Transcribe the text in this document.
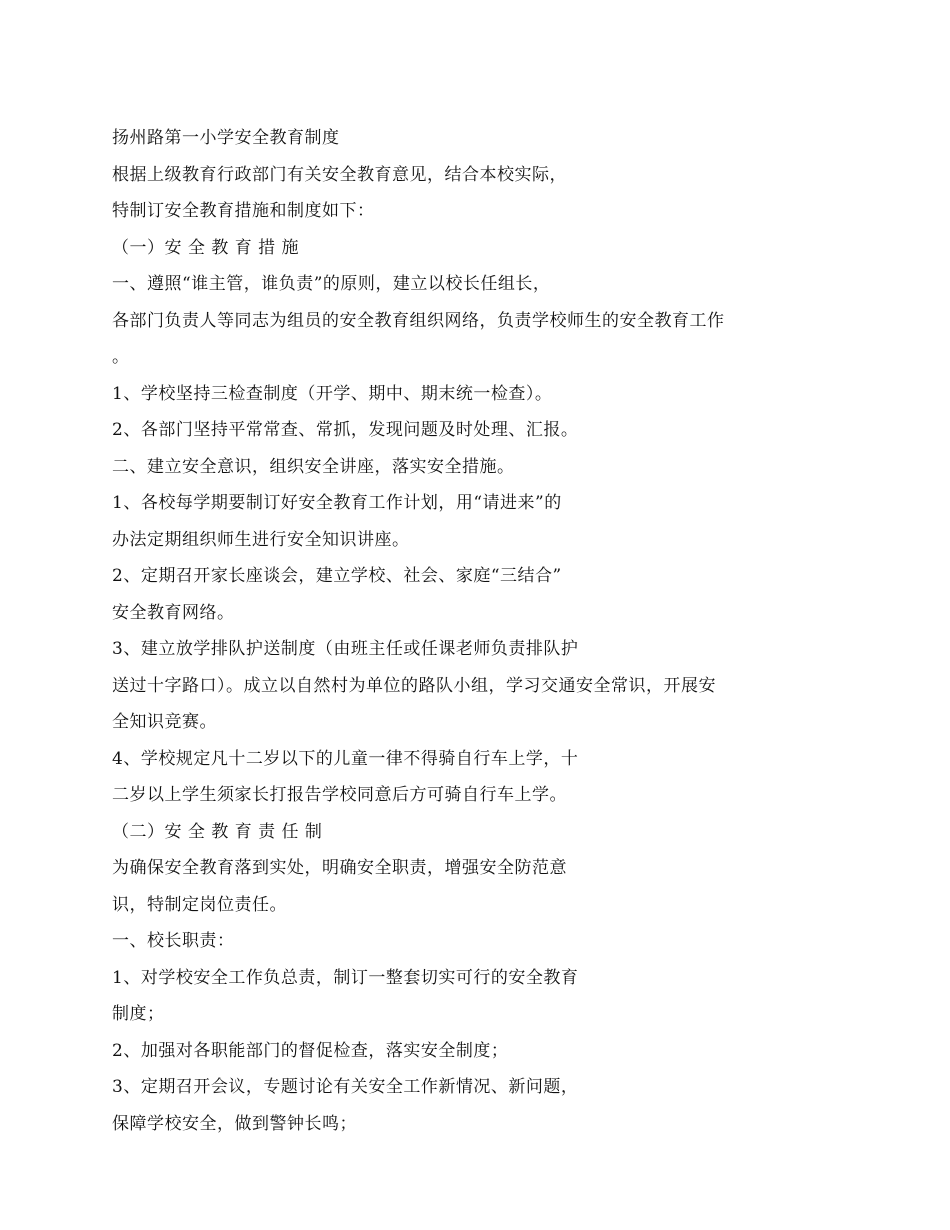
扬州路第一小学安全教育制度
根据上级教育行政部门有关安全教育意见，结合本校实际，
特制订安全教育措施和制度如下：
（一）安 全 教 育 措 施
一、遵照“谁主管，谁负责”的原则，建立以校长任组长，
各部门负责人等同志为组员的安全教育组织网络，负责学校师生的安全教育工作
。
1、学校坚持三检查制度（开学、期中、期末统一检查）。
2、各部门坚持平常常查、常抓，发现问题及时处理、汇报。
二、建立安全意识，组织安全讲座，落实安全措施。
1、各校每学期要制订好安全教育工作计划，用“请进来”的
办法定期组织师生进行安全知识讲座。
2、定期召开家长座谈会，建立学校、社会、家庭“三结合”
安全教育网络。
3、建立放学排队护送制度（由班主任或任课老师负责排队护
送过十字路口）。成立以自然村为单位的路队小组，学习交通安全常识，开展安
全知识竞赛。
4、学校规定凡十二岁以下的儿童一律不得骑自行车上学，十
二岁以上学生须家长打报告学校同意后方可骑自行车上学。
（二）安 全 教 育 责 任 制
为确保安全教育落到实处，明确安全职责，增强安全防范意
识，特制定岗位责任。
一、校长职责：
1、对学校安全工作负总责，制订一整套切实可行的安全教育
制度；
2、加强对各职能部门的督促检查，落实安全制度；
3、定期召开会议，专题讨论有关安全工作新情况、新问题，
保障学校安全，做到警钟长鸣；
